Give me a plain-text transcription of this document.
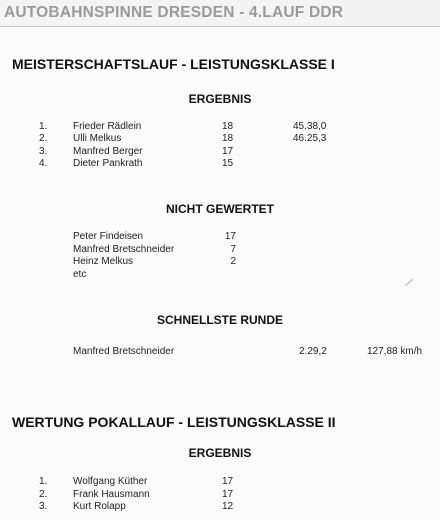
AUTOBAHNSPINNE DRESDEN - 4.LAUF DDR
MEISTERSCHAFTSLAUF - LEISTUNGSKLASSE I
ERGEBNIS
1.	Frieder Rädlein	18	45.38,0
2.	Ulli Melkus	18	46.25,3
3.	Manfred Berger	17
4.	Dieter Pankrath	15
NICHT GEWERTET
Peter Findeisen	17
Manfred Bretschneider	7
Heinz Melkus	2
etc
SCHNELLSTE RUNDE
Manfred Bretschneider	2.29,2	127,88 km/h
WERTUNG POKALLAUF - LEISTUNGSKLASSE II
ERGEBNIS
1.	Wolfgang Küther	17
2.	Frank Hausmann	17
3.	Kurt Rolapp	12
